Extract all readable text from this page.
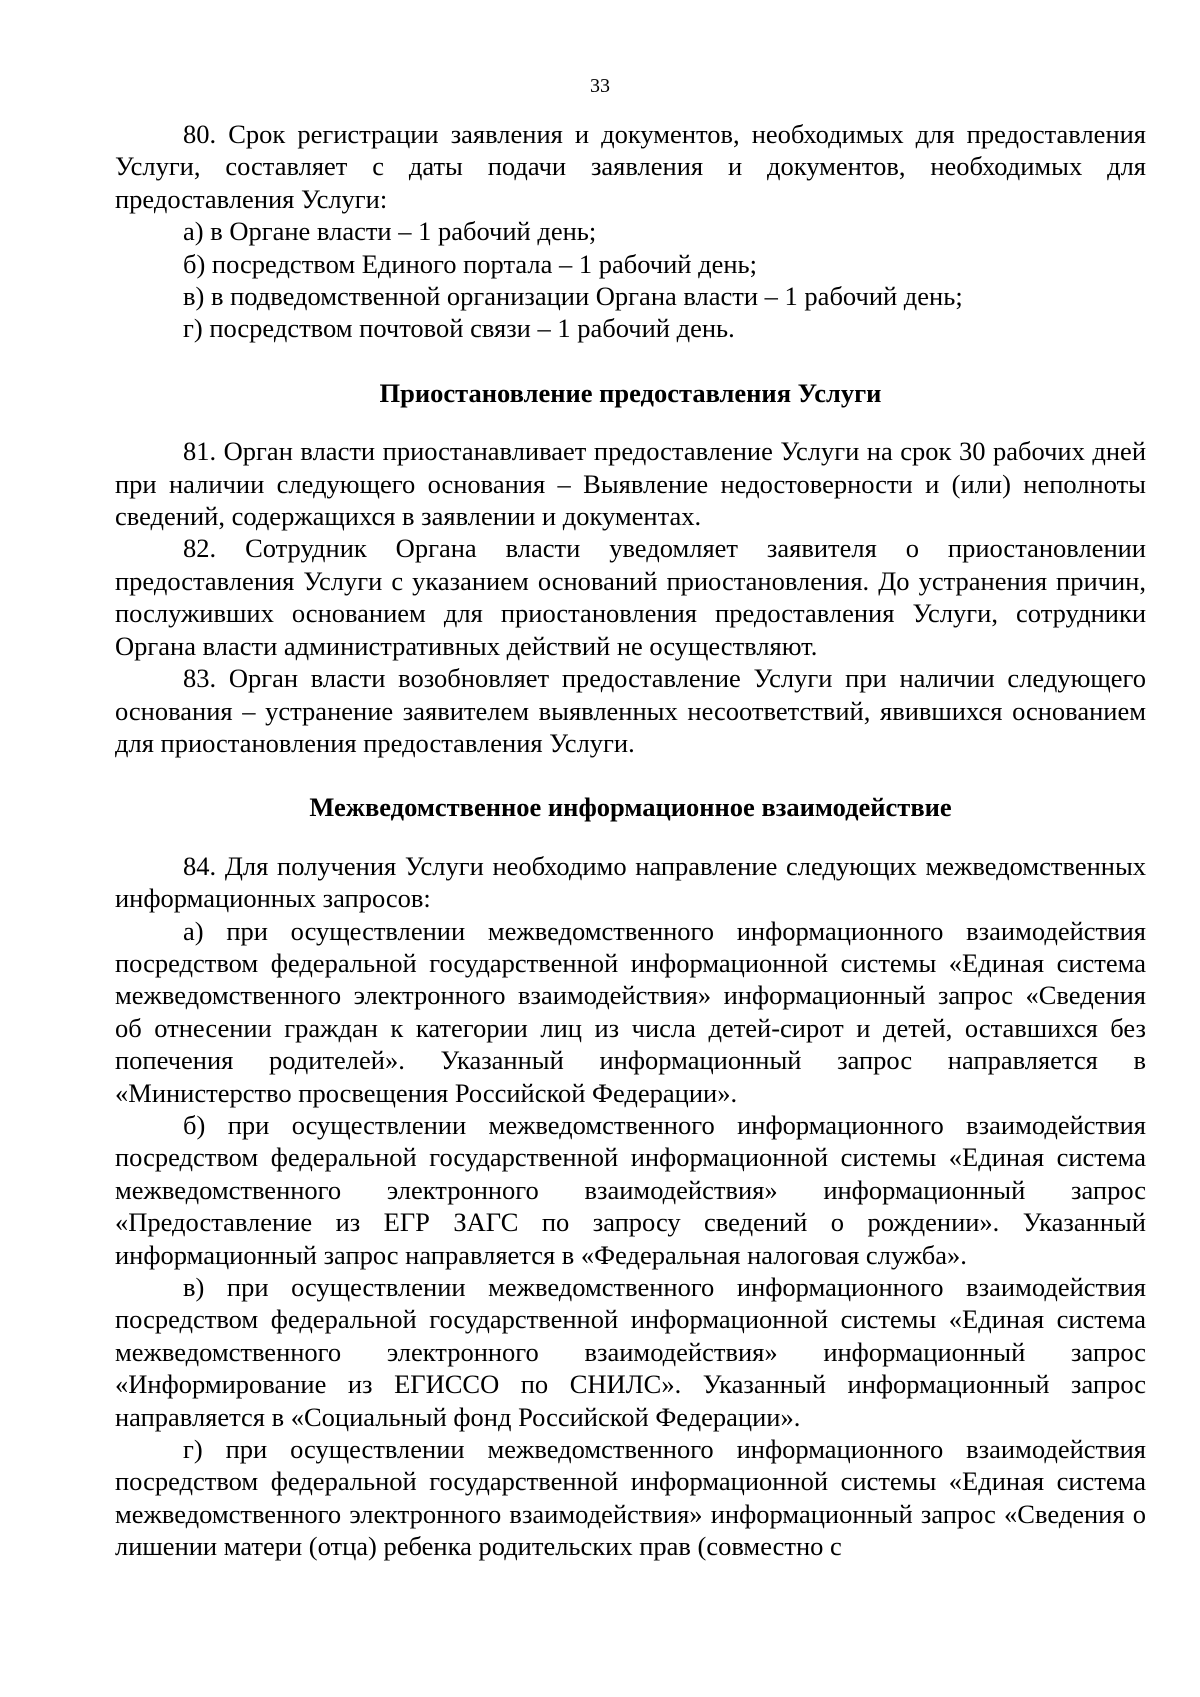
33

80. Срок регистрации заявления и документов, необходимых для предоставления Услуги, составляет с даты подачи заявления и документов, необходимых для предоставления Услуги:

а) в Органе власти – 1 рабочий день;

б) посредством Единого портала – 1 рабочий день;

в) в подведомственной организации Органа власти – 1 рабочий день;

г) посредством почтовой связи – 1 рабочий день.

Приостановление предоставления Услуги

81. Орган власти приостанавливает предоставление Услуги на срок 30 рабочих дней при наличии следующего основания – Выявление недостоверности и (или) неполноты сведений, содержащихся в заявлении и документах.

82. Сотрудник Органа власти уведомляет заявителя о приостановлении предоставления Услуги с указанием оснований приостановления. До устранения причин, послуживших основанием для приостановления предоставления Услуги, сотрудники Органа власти административных действий не осуществляют.

83. Орган власти возобновляет предоставление Услуги при наличии следующего основания – устранение заявителем выявленных несоответствий, явившихся основанием для приостановления предоставления Услуги.

Межведомственное информационное взаимодействие

84. Для получения Услуги необходимо направление следующих межведомственных информационных запросов:

а) при осуществлении межведомственного информационного взаимодействия посредством федеральной государственной информационной системы «Единая система межведомственного электронного взаимодействия» информационный запрос «Сведения об отнесении граждан к категории лиц из числа детей-сирот и детей, оставшихся без попечения родителей». Указанный информационный запрос направляется в «Министерство просвещения Российской Федерации».

б) при осуществлении межведомственного информационного взаимодействия посредством федеральной государственной информационной системы «Единая система межведомственного электронного взаимодействия» информационный запрос «Предоставление из ЕГР ЗАГС по запросу сведений о рождении». Указанный информационный запрос направляется в «Федеральная налоговая служба».

в) при осуществлении межведомственного информационного взаимодействия посредством федеральной государственной информационной системы «Единая система межведомственного электронного взаимодействия» информационный запрос «Информирование из ЕГИССО по СНИЛС». Указанный информационный запрос направляется в «Социальный фонд Российской Федерации».

г) при осуществлении межведомственного информационного взаимодействия посредством федеральной государственной информационной системы «Единая система межведомственного электронного взаимодействия» информационный запрос «Сведения о лишении матери (отца) ребенка родительских прав (совместно с
